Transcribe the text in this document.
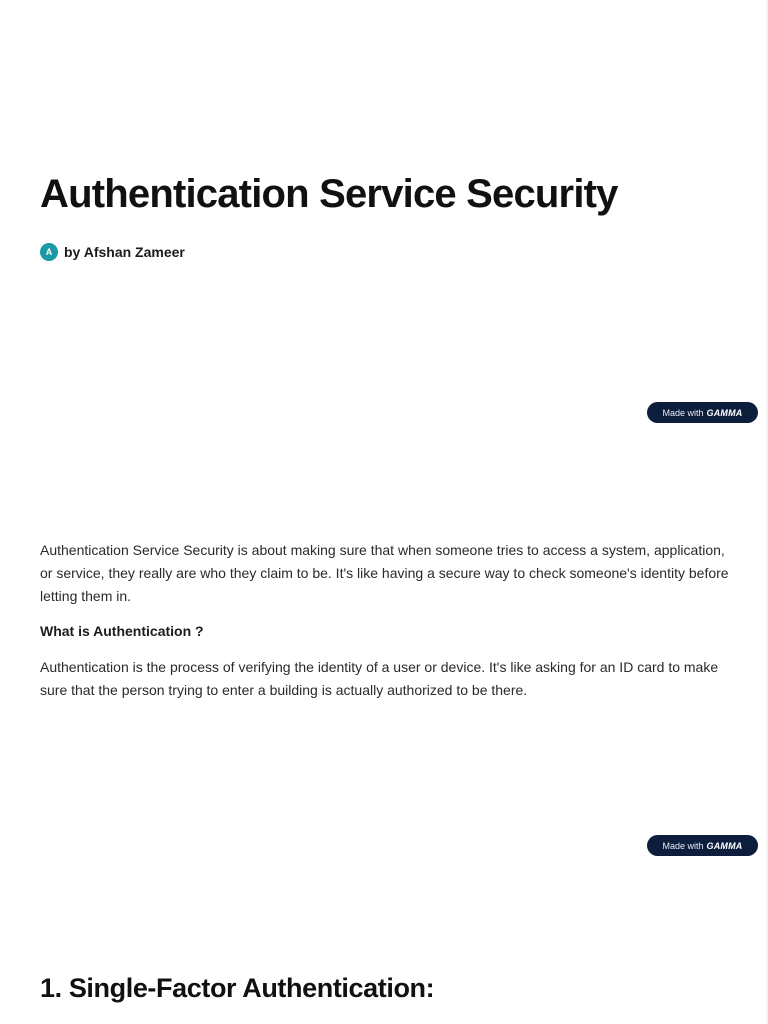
Authentication Service Security
A by Afshan Zameer
Made with GAMMA

Authentication Service Security is about making sure that when someone tries to access a system, application, or service, they really are who they claim to be. It's like having a secure way to check someone's identity before letting them in.

What is Authentication ?

Authentication is the process of verifying the identity of a user or device. It's like asking for an ID card to make sure that the person trying to enter a building is actually authorized to be there.

Made with GAMMA
1. Single-Factor Authentication:
